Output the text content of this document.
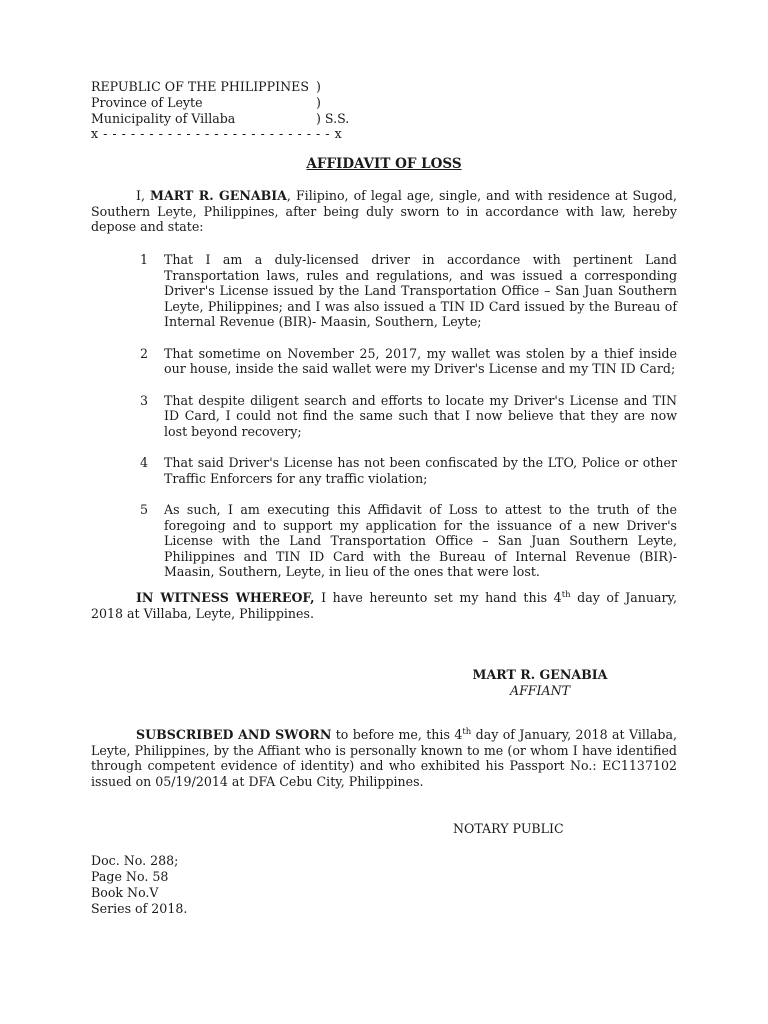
REPUBLIC OF THE PHILIPPINES )
Province of Leyte	)
Municipality of Villaba	) S.S.
x - - - - - - - - - - - - - - - - - - - - - - - - - x
AFFIDAVIT OF LOSS

I, MART R. GENABIA, Filipino, of legal age, single, and with residence at Sugod, Southern Leyte, Philippines, after being duly sworn to in accordance with law, hereby depose and state:

1 That I am a duly-licensed driver in accordance with pertinent Land Transportation laws, rules and regulations, and was issued a corresponding Driver's License issued by the Land Transportation Office – San Juan Southern Leyte, Philippines; and I was also issued a TIN ID Card issued by the Bureau of Internal Revenue (BIR)- Maasin, Southern, Leyte;
2 That sometime on November 25, 2017, my wallet was stolen by a thief inside our house, inside the said wallet were my Driver's License and my TIN ID Card;
3 That despite diligent search and efforts to locate my Driver's License and TIN ID Card, I could not find the same such that I now believe that they are now lost beyond recovery;
4 That said Driver's License has not been confiscated by the LTO, Police or other Traffic Enforcers for any traffic violation;
5 As such, I am executing this Affidavit of Loss to attest to the truth of the foregoing and to support my application for the issuance of a new Driver's License with the Land Transportation Office – San Juan Southern Leyte, Philippines and TIN ID Card with the Bureau of Internal Revenue (BIR)- Maasin, Southern, Leyte, in lieu of the ones that were lost.

IN WITNESS WHEREOF, I have hereunto set my hand this 4th day of January, 2018 at Villaba, Leyte, Philippines.

MART R. GENABIA
AFFIANT

SUBSCRIBED AND SWORN to before me, this 4th day of January, 2018 at Villaba, Leyte, Philippines, by the Affiant who is personally known to me (or whom I have identified through competent evidence of identity) and who exhibited his Passport No.: EC1137102 issued on 05/19/2014 at DFA Cebu City, Philippines.

NOTARY PUBLIC
Doc. No. 288;
Page No. 58
Book No.V
Series of 2018.
